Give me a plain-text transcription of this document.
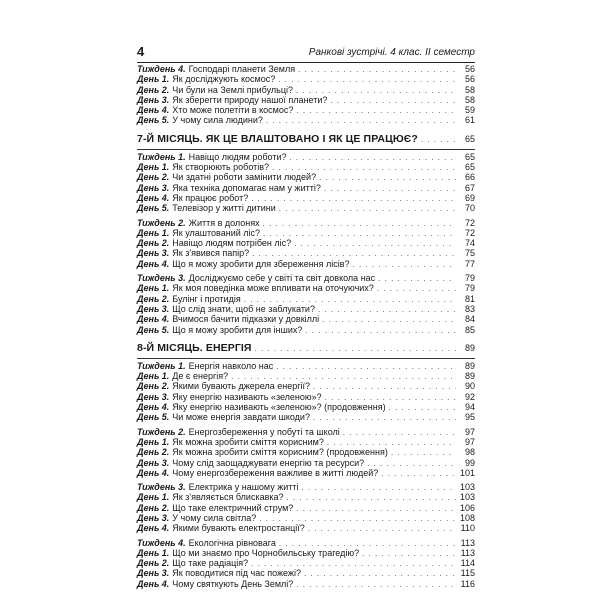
4	Ранкові зустрічі. 4 клас. ІІ семестр
Тиждень 4. Господарі планети Земля . . .	56
День 1. Як досліджують космос? . . .	56
День 2. Чи були на Землі прибульці? . . .	58
День 3. Як зберегти природу нашої планети? . . .	58
День 4. Хто може полетіти в космос? . . .	59
День 5. У чому сила людини? . . .	61
7-Й МІСЯЦЬ. ЯК ЦЕ ВЛАШТОВАНО І ЯК ЦЕ ПРАЦЮЄ? . . .	65
Тиждень 1. Навіщо людям роботи? . . .	65
День 1. Як створюють роботів? . . .	65
День 2. Чи здатні роботи замінити людей? . . .	66
День 3. Яка техніка допомагає нам у житті? . . .	67
День 4. Як працює робот? . . .	69
День 5. Телевізор у житті дитини . . .	70
Тиждень 2. Життя в долонях . . .	72
День 1. Як улаштований ліс? . . .	72
День 2. Навіщо людям потрібен ліс? . . .	74
День 3. Як з'явився папір? . . .	75
День 4. Що я можу зробити для збереження лісів? . . .	77
Тиждень 3. Досліджуємо себе у світі та світ довкола нас . . .	79
День 1. Як моя поведінка може впливати на оточуючих? . . .	79
День 2. Булінг і протидія . . .	81
День 3. Що слід знати, щоб не заблукати? . . .	83
День 4. Вчимося бачити підказки у довкіллі . . .	84
День 5. Що я можу зробити для інших? . . .	85
8-Й МІСЯЦЬ. ЕНЕРГІЯ . . .	89
Тиждень 1. Енергія навколо нас . . .	89
День 1. Де є енергія? . . .	89
День 2. Якими бувають джерела енергії? . . .	90
День 3. Яку енергію називають «зеленою»? . . .	92
День 4. Яку енергію називають «зеленою»? (продовження) . . .	94
День 5. Чи може енергія завдати шкоди? . . .	95
Тиждень 2. Енергозбереження у побуті та школі . . .	97
День 1. Як можна зробити сміття корисним? . . .	97
День 2. Як можна зробити сміття корисним? (продовження) . . .	98
День 3. Чому слід заощаджувати енергію та ресурси? . . .	99
День 4. Чому енергозбереження важливе в житті людей? . . .	101
Тиждень 3. Електрика у нашому житті . . .	103
День 1. Як з'являється блискавка? . . .	103
День 2. Що таке електричний струм? . . .	106
День 3. У чому сила світла? . . .	108
День 4. Якими бувають електростанції? . . .	110
Тиждень 4. Екологічна рівновага . . .	113
День 1. Що ми знаємо про Чорнобильську трагедію? . . .	113
День 2. Що таке радіація? . . .	114
День 3. Як поводитися під час пожежі? . . .	115
День 4. Чому святкують День Землі? . . .	116
